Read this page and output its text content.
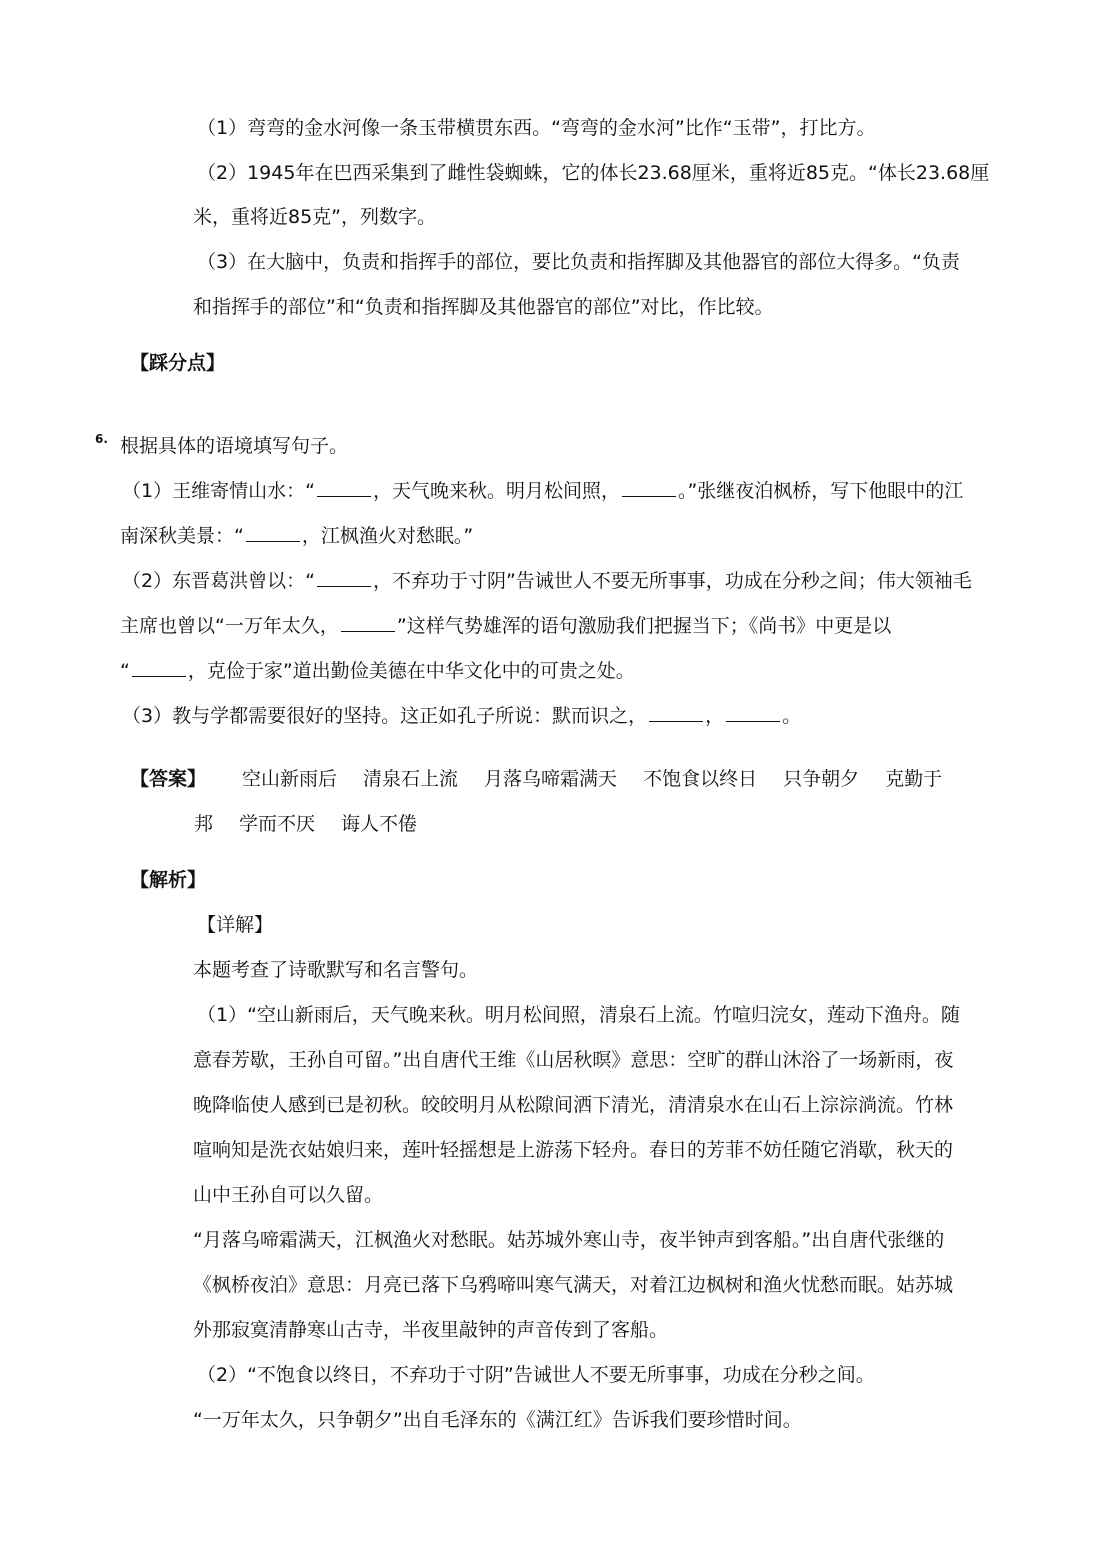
（1）弯弯的金水河像一条玉带横贯东西。“弯弯的金水河”比作“玉带”，打比方。

（2）1945年在巴西采集到了雌性袋蜘蛛，它的体长23.68厘米，重将近85克。“体长23.68厘

米，重将近85克”，列数字。

（3）在大脑中，负责和指挥手的部位，要比负责和指挥脚及其他器官的部位大得多。“负责

和指挥手的部位”和“负责和指挥脚及其他器官的部位”对比，作比较。

【踩分点】

6. 根据具体的语境填写句子。

（1）王维寄情山水：“	，天气晚来秋。明月松间照，	。”张继夜泊枫桥，写下他眼中的江

南深秋美景：“	，江枫渔火对愁眠。”

（2）东晋葛洪曾以：“	，不弃功于寸阴”告诫世人不要无所事事，功成在分秒之间；伟大领袖毛

主席也曾以“一万年太久，	”这样气势雄浑的语句激励我们把握当下；《尚书》中更是以

“	，克俭于家”道出勤俭美德在中华文化中的可贵之处。

（3）教与学都需要很好的坚持。这正如孔子所说：默而识之，	，	。

【答案】 空山新雨后 清泉石上流 月落乌啼霜满天 不饱食以终日 只争朝夕 克勤于

邦 学而不厌 诲人不倦

【解析】

【详解】

本题考查了诗歌默写和名言警句。

（1）“空山新雨后，天气晚来秋。明月松间照，清泉石上流。竹喧归浣女，莲动下渔舟。随

意春芳歇，王孙自可留。”出自唐代王维《山居秋暝》意思：空旷的群山沐浴了一场新雨，夜

晚降临使人感到已是初秋。皎皎明月从松隙间洒下清光，清清泉水在山石上淙淙淌流。竹林

喧响知是洗衣姑娘归来，莲叶轻摇想是上游荡下轻舟。春日的芳菲不妨任随它消歇，秋天的

山中王孙自可以久留。

“月落乌啼霜满天，江枫渔火对愁眠。姑苏城外寒山寺，夜半钟声到客船。”出自唐代张继的

《枫桥夜泊》意思：月亮已落下乌鸦啼叫寒气满天，对着江边枫树和渔火忧愁而眠。姑苏城

外那寂寞清静寒山古寺，半夜里敲钟的声音传到了客船。

（2）“不饱食以终日，不弃功于寸阴”告诫世人不要无所事事，功成在分秒之间。

“一万年太久，只争朝夕”出自毛泽东的《满江红》告诉我们要珍惜时间。
